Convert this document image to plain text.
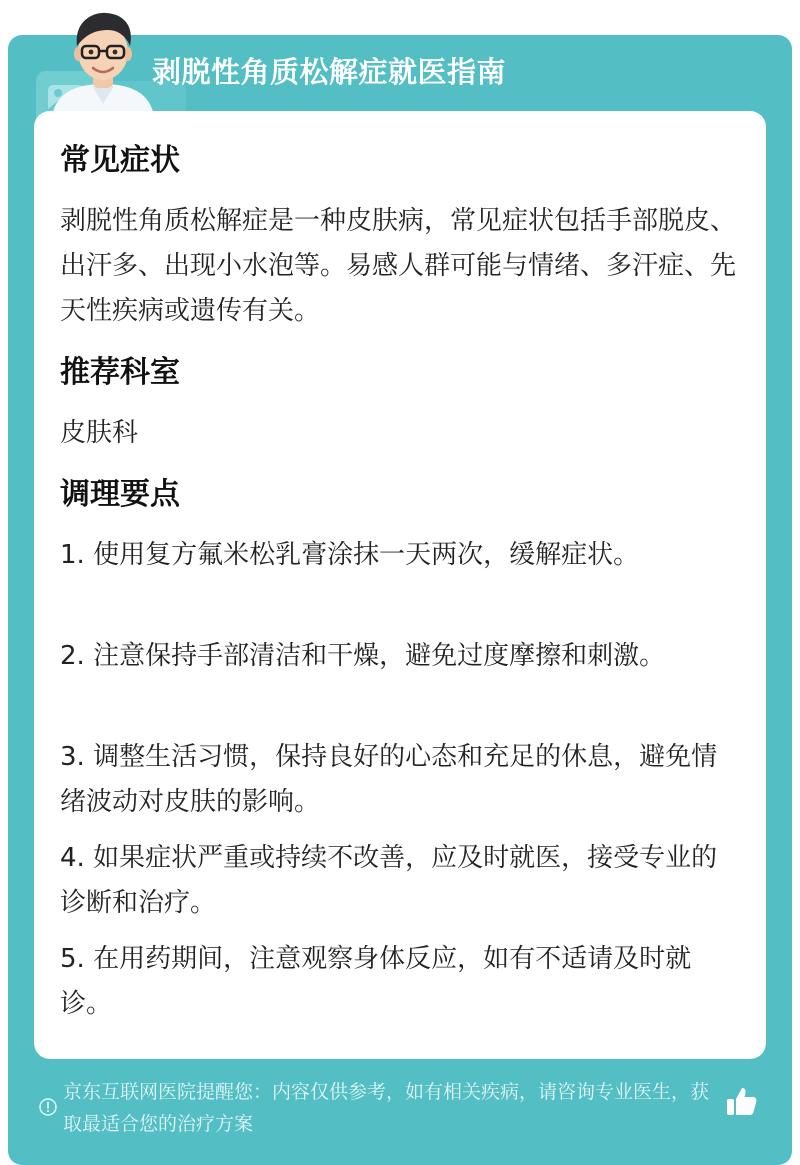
剥脱性角质松解症就医指南
常见症状
剥脱性角质松解症是一种皮肤病，常见症状包括手部脱皮、出汗多、出现小水泡等。易感人群可能与情绪、多汗症、先天性疾病或遗传有关。
推荐科室
皮肤科
调理要点
1. 使用复方氟米松乳膏涂抹一天两次，缓解症状。
2. 注意保持手部清洁和干燥，避免过度摩擦和刺激。
3. 调整生活习惯，保持良好的心态和充足的休息，避免情绪波动对皮肤的影响。
4. 如果症状严重或持续不改善，应及时就医，接受专业的诊断和治疗。
5. 在用药期间，注意观察身体反应，如有不适请及时就诊。
京东互联网医院提醒您：内容仅供参考，如有相关疾病，请咨询专业医生，获取最适合您的治疗方案
